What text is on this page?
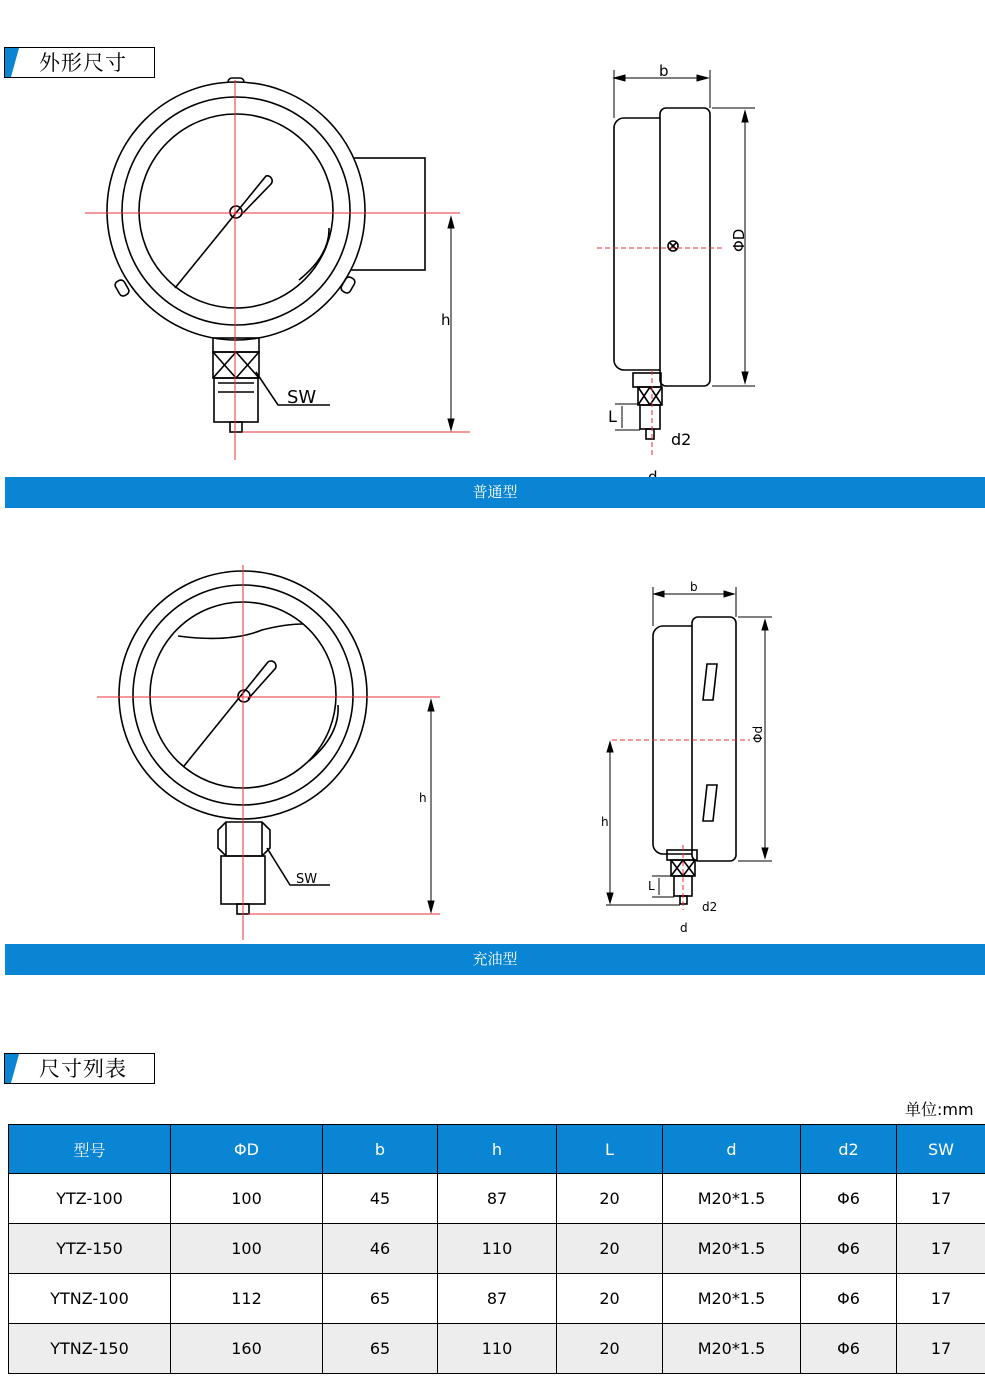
外形尺寸
SW
h
b
ΦD
L
d2
普通型
SW
h
b
Φd
h
L
d2
d
充油型
尺寸列表
单位:mm
型号	ΦD	b	h	L	d	d2	SW
YTZ-100	100	45	87	20	M20*1.5	Φ6	17
YTZ-150	100	46	110	20	M20*1.5	Φ6	17
YTNZ-100	112	65	87	20	M20*1.5	Φ6	17
YTNZ-150	160	65	110	20	M20*1.5	Φ6	17
